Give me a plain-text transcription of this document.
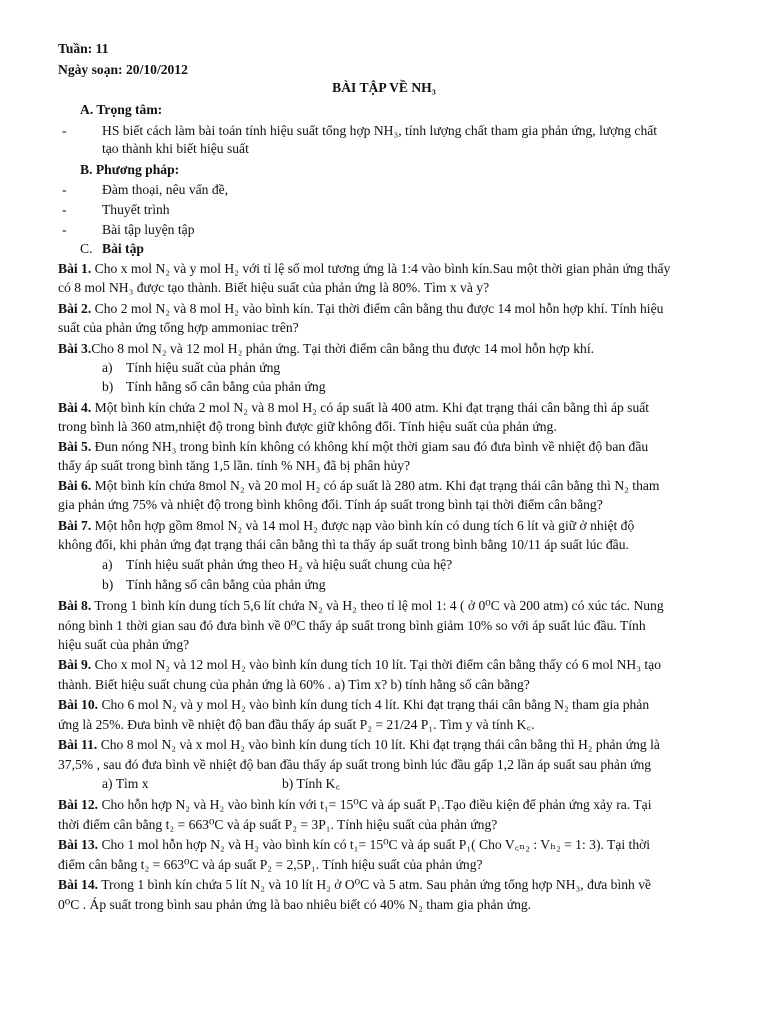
Tuần: 11
Ngày soạn: 20/10/2012
BÀI TẬP VỀ NH₃
A. Trọng tâm:
-	HS biết cách làm bài toán tính hiệu suất tổng hợp NH₃, tính lượng chất tham gia phản ứng, lượng chất
tạo thành khi biết hiệu suất
B. Phương pháp:
-	Đàm thoại, nêu vấn đề,
-	Thuyết trình
-	Bài tập luyện tập
C. Bài tập
Bài 1. Cho x mol N₂ và y mol H₂ với tỉ lệ số mol tương ứng là 1:4 vào bình kín.Sau một thời gian phản ứng thấy
có 8 mol NH₃ được tạo thành. Biết hiệu suất của phản ứng là 80%. Tìm x và y?
Bài 2. Cho 2 mol N₂ và 8 mol H₂ vào bình kín. Tại thời điểm cân bằng thu được 14 mol hỗn hợp khí. Tính hiệu
suất của phản ứng tổng hợp ammoniac trên?
Bài 3.Cho 8 mol N₂ và 12 mol H₂ phản ứng. Tại thời điểm cân bằng thu được 14 mol hỗn hợp khí.
a) Tính hiệu suất của phản ứng
b) Tính hằng số cân bằng của phản ứng
Bài 4. Một bình kín chứa 2 mol N₂ và 8 mol H₂ có áp suất là 400 atm. Khi đạt trạng thái cân bằng thì áp suất
trong bình là 360 atm,nhiệt độ trong bình được giữ không đổi. Tính hiệu suất của phản ứng.
Bài 5. Đun nóng NH₃ trong bình kín không có không khí một thời giam sau đó đưa bình về nhiệt độ ban đầu
thấy áp suất trong bình tăng 1,5 lần. tính % NH₃ đã bị phân hủy?
Bài 6. Một bình kín chứa 8mol N₂ và 20 mol H₂ có áp suất là 280 atm. Khi đạt trạng thái cân bằng thì N₂ tham
gia phản ứng 75% và nhiệt độ trong bình không đổi. Tính áp suất trong bình tại thời điểm cân bằng?
Bài 7. Một hỗn hợp gồm 8mol N₂ và 14 mol H₂ được nạp vào bình kín có dung tích 6 lít và giữ ở nhiệt độ
không đổi, khi phản ứng đạt trạng thái cân bằng thì ta thấy áp suất trong bình bằng 10/11 áp suất lúc đầu.
a) Tính hiệu suất phản ứng theo H₂ và hiệu suất chung của hệ?
b) Tính hằng số cân bằng của phản ứng
Bài 8. Trong 1 bình kín dung tích 5,6 lít chứa N₂ và H₂ theo tỉ lệ mol 1: 4 ( ở 0⁰C và 200 atm) có xúc tác. Nung
nóng bình 1 thời gian sau đó đưa bình về 0⁰C thấy áp suất trong bình giảm 10% so với áp suất lúc đầu. Tính
hiệu suất của phản ứng?
Bài 9. Cho x mol N₂ và 12 mol H₂ vào bình kín dung tích 10 lít. Tại thời điểm cân bằng thấy có 6 mol NH₃ tạo
thành. Biết hiệu suất chung của phản ứng là 60% . a) Tìm x? b) tính hằng số cân bằng?
Bài 10. Cho 6 mol N₂ và y mol H₂ vào bình kín dung tích 4 lít. Khi đạt trạng thái cân bằng N₂ tham gia phản
ứng là 25%. Đưa bình về nhiệt độ ban đầu thấy áp suất P₂ = 21/24 P₁. Tìm y và tính K꜀.
Bài 11. Cho 8 mol N₂ và x mol H₂ vào bình kín dung tích 10 lít. Khi đạt trạng thái cân bằng thì H₂ phản ứng là
37,5% , sau đó đưa bình về nhiệt độ ban đầu thấy áp suất trong bình lúc đầu gấp 1,2 lần áp suất sau phản ứng
a) Tìm x	b) Tính K꜀
Bài 12. Cho hỗn hợp N₂ và H₂ vào bình kín với t₁= 15⁰C và áp suất P₁.Tạo điều kiện để phản ứng xảy ra. Tại
thời điểm cân bằng t₂ = 663⁰C và áp suất P₂ = 3P₁. Tính hiệu suất của phản ứng?
Bài 13. Cho 1 mol hỗn hợp N₂ và H₂ vào bình kín có t₁= 15⁰C và áp suất P₁( Cho V꜀ₙ₂ : Vₕ₂ = 1: 3). Tại thời
điểm cân bằng t₂ = 663⁰C và áp suất P₂ = 2,5P₁. Tính hiệu suất của phản ứng?
Bài 14. Trong 1 bình kín chứa 5 lít N₂ và 10 lít H₂ ở O⁰C và 5 atm. Sau phản ứng tổng hợp NH₃, đưa bình về
0⁰C . Áp suất trong bình sau phản ứng là bao nhiêu biết có 40% N₂ tham gia phản ứng.
